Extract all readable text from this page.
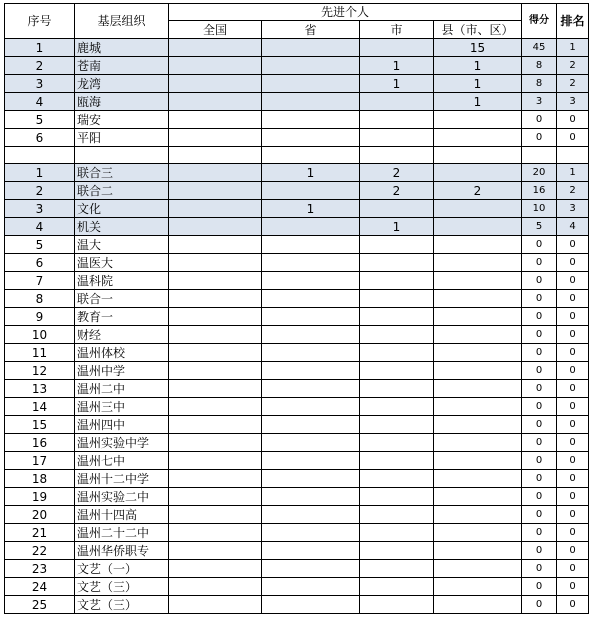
序号	基层组织	先进个人				得分	排名
		全国	省	市	县（市、区）		
1	鹿城				15	45	1
2	苍南			1	1	8	2
3	龙湾			1	1	8	2
4	瓯海				1	3	3
5	瑞安					0	0
6	平阳					0	0

1	联合三		1	2		20	1
2	联合二			2	2	16	2
3	文化		1			10	3
4	机关			1		5	4
5	温大					0	0
6	温医大					0	0
7	温科院					0	0
8	联合一					0	0
9	教育一					0	0
10	财经					0	0
11	温州体校					0	0
12	温州中学					0	0
13	温州二中					0	0
14	温州三中					0	0
15	温州四中					0	0
16	温州实验中学					0	0
17	温州七中					0	0
18	温州十二中学					0	0
19	温州实验二中					0	0
20	温州十四高					0	0
21	温州二十二中					0	0
22	温州华侨职专					0	0
23	文艺（一）					0	0
24	文艺（三）					0	0
25	文艺（三）					0	0
